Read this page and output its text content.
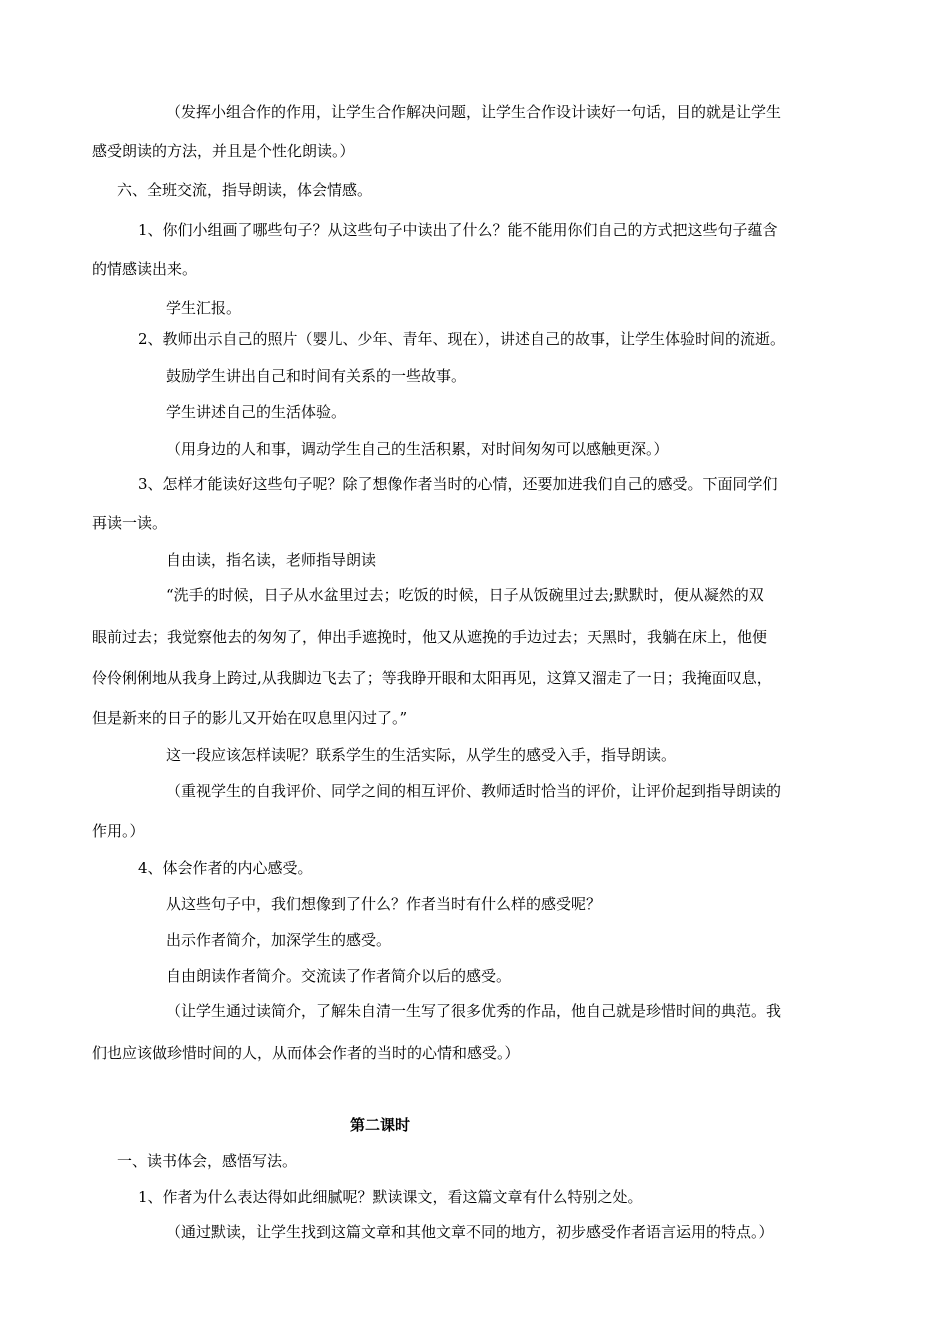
（发挥小组合作的作用，让学生合作解决问题，让学生合作设计读好一句话，目的就是让学生
感受朗读的方法，并且是个性化朗读。）
六、全班交流，指导朗读，体会情感。
1、你们小组画了哪些句子？从这些句子中读出了什么？能不能用你们自己的方式把这些句子蕴含
的情感读出来。
学生汇报。
2、教师出示自己的照片（婴儿、少年、青年、现在），讲述自己的故事，让学生体验时间的流逝。
鼓励学生讲出自己和时间有关系的一些故事。
学生讲述自己的生活体验。
（用身边的人和事，调动学生自己的生活积累，对时间匆匆可以感触更深。）
3、怎样才能读好这些句子呢？除了想像作者当时的心情，还要加进我们自己的感受。下面同学们
再读一读。
自由读，指名读，老师指导朗读
“洗手的时候，日子从水盆里过去；吃饭的时候，日子从饭碗里过去;默默时，便从凝然的双
眼前过去；我觉察他去的匆匆了，伸出手遮挽时，他又从遮挽的手边过去；天黑时，我躺在床上，他便
伶伶俐俐地从我身上跨过,从我脚边飞去了；等我睁开眼和太阳再见，这算又溜走了一日；我掩面叹息，
但是新来的日子的影儿又开始在叹息里闪过了。”
这一段应该怎样读呢？联系学生的生活实际，从学生的感受入手，指导朗读。
（重视学生的自我评价、同学之间的相互评价、教师适时恰当的评价，让评价起到指导朗读的
作用。）
4、体会作者的内心感受。
从这些句子中，我们想像到了什么？作者当时有什么样的感受呢？
出示作者简介，加深学生的感受。
自由朗读作者简介。交流读了作者简介以后的感受。
（让学生通过读简介，了解朱自清一生写了很多优秀的作品，他自己就是珍惜时间的典范。我
们也应该做珍惜时间的人，从而体会作者的当时的心情和感受。）
第二课时
一、读书体会，感悟写法。
1、作者为什么表达得如此细腻呢？默读课文，看这篇文章有什么特别之处。
（通过默读，让学生找到这篇文章和其他文章不同的地方，初步感受作者语言运用的特点。）
